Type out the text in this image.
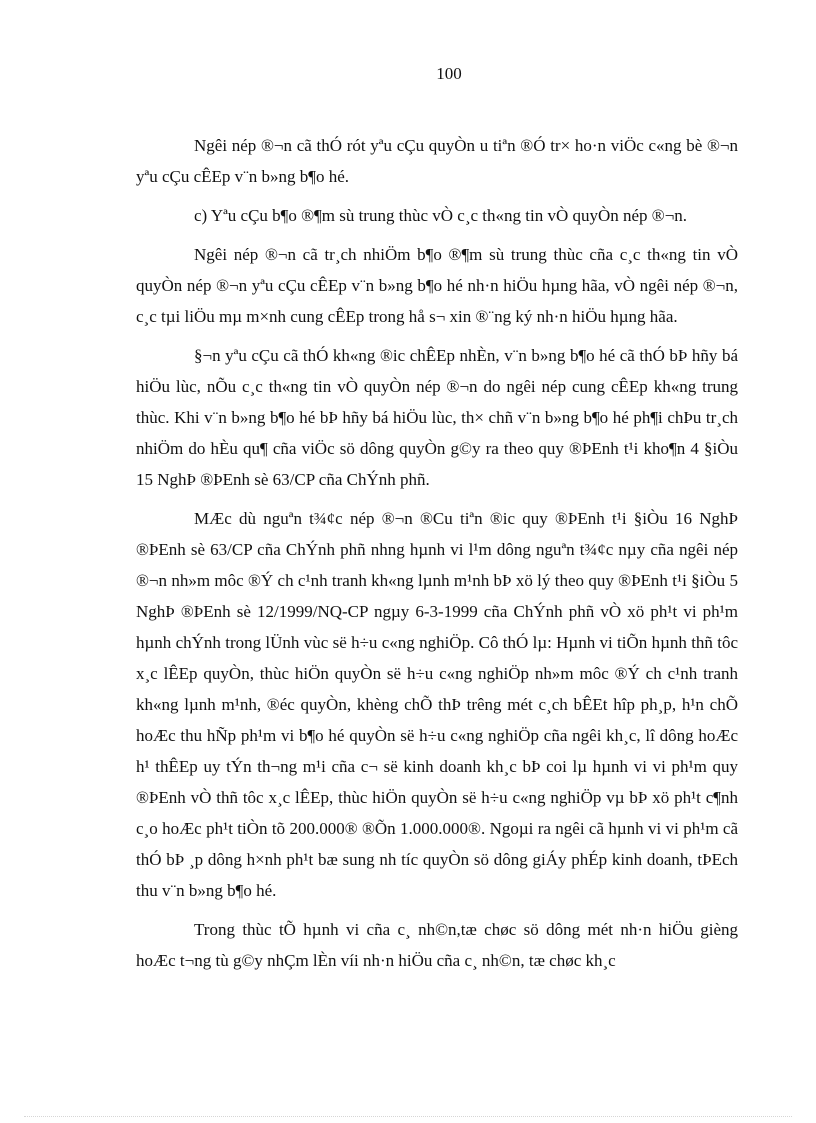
100

Ngêi nép ®¬n cã thÓ rót yªu cÇu quyÒn u tiªn ®Ó tr× ho·n viÖc c«ng bè ®¬n yªu cÇu cÊEp v¨n b»ng b¶o hé.

c) Yªu cÇu b¶o ®¶m sù trung thùc vÒ c¸c th«ng tin vÒ quyÒn nép ®¬n.

Ngêi nép ®¬n cã tr¸ch nhiÖm b¶o ®¶m sù trung thùc cña c¸c th«ng tin vÒ quyÒn nép ®¬n yªu cÇu cÊEp v¨n b»ng b¶o hé nh·n hiÖu hµng hãa, vÒ ngêi nép ®¬n, c¸c tµi liÖu mµ m×nh cung cÊEp trong hå s¬ xin ®¨ng ký nh·n hiÖu hµng hãa.

§¬n yªu cÇu cã thÓ kh«ng ®ic chÊEp nhÈn, v¨n b»ng b¶o hé cã thÓ bÞ hñy bá hiÖu lùc, nÕu c¸c th«ng tin vÒ quyÒn nép ®¬n do ngêi nép cung cÊEp kh«ng trung thùc. Khi v¨n b»ng b¶o hé bÞ hñy bá hiÖu lùc, th× chñ v¨n b»ng b¶o hé ph¶i chÞu tr¸ch nhiÖm do hÈu qu¶ cña viÖc sö dông quyÒn g©y ra theo quy ®ÞEnh t¹i kho¶n 4 §iÒu 15 NghÞ ®ÞEnh sè 63/CP cña ChÝnh phñ.

MÆc dù nguªn t¾¢c nép ®¬n ®Cu tiªn ®ic quy ®ÞEnh t¹i §iÒu 16 NghÞ ®ÞEnh sè 63/CP cña ChÝnh phñ nhng hµnh vi l¹m dông nguªn t¾¢c nµy cña ngêi nép ®¬n nh»m môc ®Ý ch c¹nh tranh kh«ng lµnh m¹nh bÞ xö lý theo quy ®ÞEnh t¹i §iÒu 5 NghÞ ®ÞEnh sè 12/1999/NQ-CP ngµy 6-3-1999 cña ChÝnh phñ vÒ xö ph¹t vi ph¹m hµnh chÝnh trong lÜnh vùc së h÷u c«ng nghiÖp. Cô thÓ lµ: Hµnh vi tiÕn hµnh thñ tôc x¸c lÊEp quyÒn, thùc hiÖn quyÒn së h÷u c«ng nghiÖp nh»m môc ®Ý ch c¹nh tranh kh«ng lµnh m¹nh, ®éc quyÒn, khèng chÕ thÞ trêng mét c¸ch bÊEt hîp ph¸p, h¹n chÕ hoÆc thu hÑp ph¹m vi b¶o hé quyÒn së h÷u c«ng nghiÖp cña ngêi kh¸c, lî dông hoÆc h¹ thÊEp uy tÝn th¬ng m¹i cña c¬ së kinh doanh kh¸c bÞ coi lµ hµnh vi vi ph¹m quy ®ÞEnh vÒ thñ tôc x¸c lÊEp, thùc hiÖn quyÒn së h÷u c«ng nghiÖp vµ bÞ xö ph¹t c¶nh c¸o hoÆc ph¹t tiÒn tõ 200.000® ®Õn 1.000.000®. Ngoµi ra ngêi cã hµnh vi vi ph¹m cã thÓ bÞ ¸p dông h×nh ph¹t bæ sung nh tíc quyÒn sö dông giÁy phÉp kinh doanh, tÞEch thu v¨n b»ng b¶o hé.

Trong thùc tÕ hµnh vi cña c¸ nh©n,tæ chøc sö dông mét nh·n hiÖu gièng hoÆc t¬ng tù g©y nhÇm lÈn víi nh·n hiÖu cña c¸ nh©n, tæ chøc kh¸c
